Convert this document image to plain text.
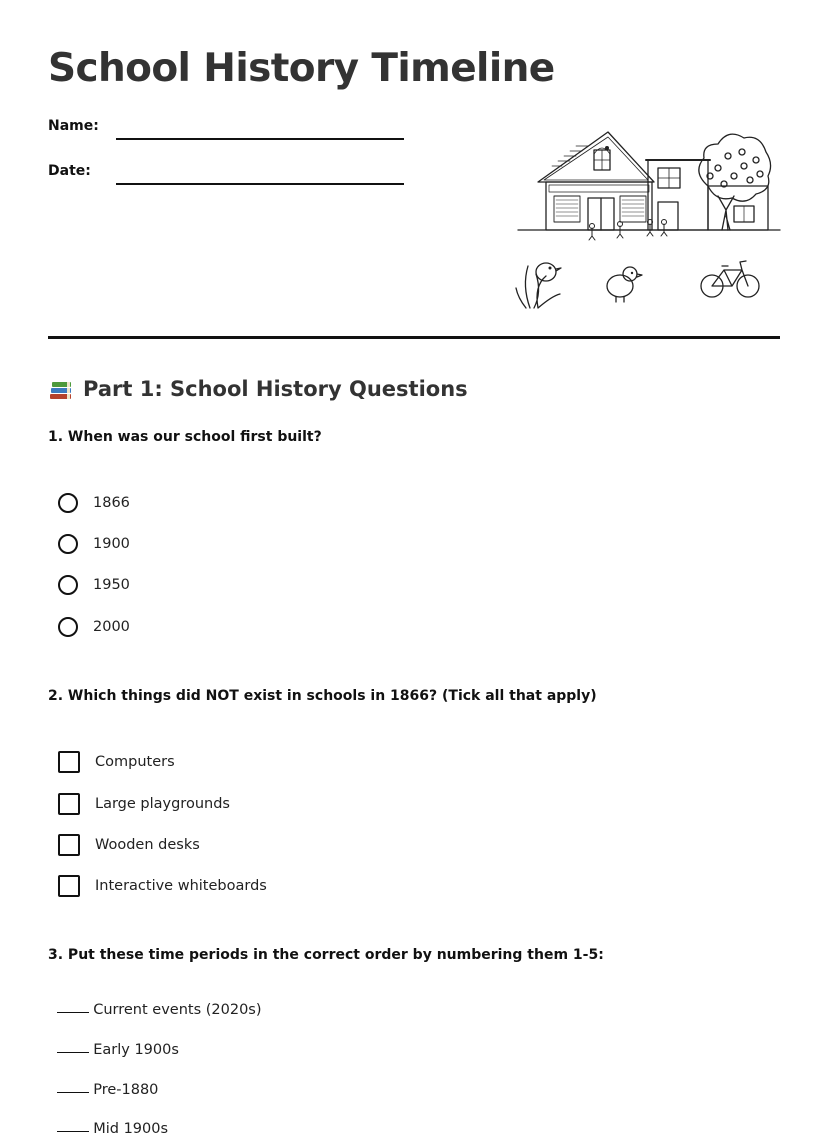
School History Timeline
Name:
Date:
Part 1: School History Questions

1. When was our school first built?

1866
1900
1950
2000

2. Which things did NOT exist in schools in 1866? (Tick all that apply)

Computers
Large playgrounds
Wooden desks
Interactive whiteboards

3. Put these time periods in the correct order by numbering them 1-5:

Current events (2020s)

Early 1900s

Pre-1880

Mid 1900s
